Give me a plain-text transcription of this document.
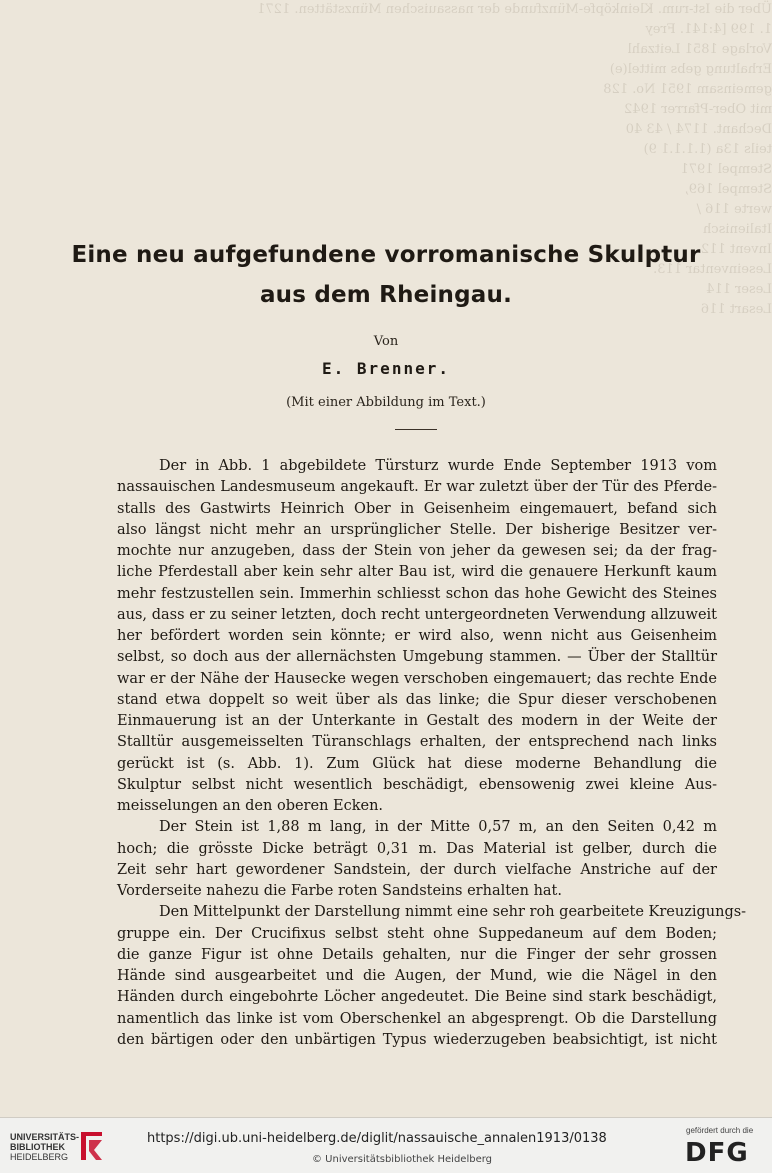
Über die Ist-rum. Kleinköpfe-Münzfunde der nassauischen Münzstätten. 1271
1. 199 [4:141. Frey
Vorlage 1851 Leitzahl
Erhaltung gebs mittel(e)
gemeinsam 1951 No. 128
mit Ober-Pfarrer 1942
Dechant. 1174 / 43 40
teils 13a (1.1.1.1 9)
Stempel 1971
Stempel 169,
werte 116 /
Italienisch
Invent 112.
Leseinventar 113.
Leser 114
Lesart 116
Eine neu aufgefundene vorromanische Skulptur
aus dem Rheingau.
Von
E. Brenner.
(Mit einer Abbildung im Text.)
Der in Abb. 1 abgebildete Türsturz wurde Ende September 1913 vom
nassauischen Landesmuseum angekauft. Er war zuletzt über der Tür des Pferde-
stalls des Gastwirts Heinrich Ober in Geisenheim eingemauert, befand sich
also längst nicht mehr an ursprünglicher Stelle. Der bisherige Besitzer ver-
mochte nur anzugeben, dass der Stein von jeher da gewesen sei; da der frag-
liche Pferdestall aber kein sehr alter Bau ist, wird die genauere Herkunft kaum
mehr festzustellen sein. Immerhin schliesst schon das hohe Gewicht des Steines
aus, dass er zu seiner letzten, doch recht untergeordneten Verwendung allzuweit
her befördert worden sein könnte; er wird also, wenn nicht aus Geisenheim
selbst, so doch aus der allernächsten Umgebung stammen. — Über der Stalltür
war er der Nähe der Hausecke wegen verschoben eingemauert; das rechte Ende
stand etwa doppelt so weit über als das linke; die Spur dieser verschobenen
Einmauerung ist an der Unterkante in Gestalt des modern in der Weite der
Stalltür ausgemeisselten Türanschlags erhalten, der entsprechend nach links
gerückt ist (s. Abb. 1). Zum Glück hat diese moderne Behandlung die
Skulptur selbst nicht wesentlich beschädigt, ebensowenig zwei kleine Aus-
meisselungen an den oberen Ecken.
Der Stein ist 1,88 m lang, in der Mitte 0,57 m, an den Seiten 0,42 m
hoch; die grösste Dicke beträgt 0,31 m. Das Material ist gelber, durch die
Zeit sehr hart gewordener Sandstein, der durch vielfache Anstriche auf der
Vorderseite nahezu die Farbe roten Sandsteins erhalten hat.
Den Mittelpunkt der Darstellung nimmt eine sehr roh gearbeitete Kreuzigungs-
gruppe ein. Der Crucifixus selbst steht ohne Suppedaneum auf dem Boden;
die ganze Figur ist ohne Details gehalten, nur die Finger der sehr grossen
Hände sind ausgearbeitet und die Augen, der Mund, wie die Nägel in den
Händen durch eingebohrte Löcher angedeutet. Die Beine sind stark beschädigt,
namentlich das linke ist vom Oberschenkel an abgesprengt. Ob die Darstellung
den bärtigen oder den unbärtigen Typus wiederzugeben beabsichtigt, ist nicht
UNIVERSITÄTS-
BIBLIOTHEK
HEIDELBERG
https://digi.ub.uni-heidelberg.de/diglit/nassauische_annalen1913/0138
© Universitätsbibliothek Heidelberg
gefördert durch die
DFG
